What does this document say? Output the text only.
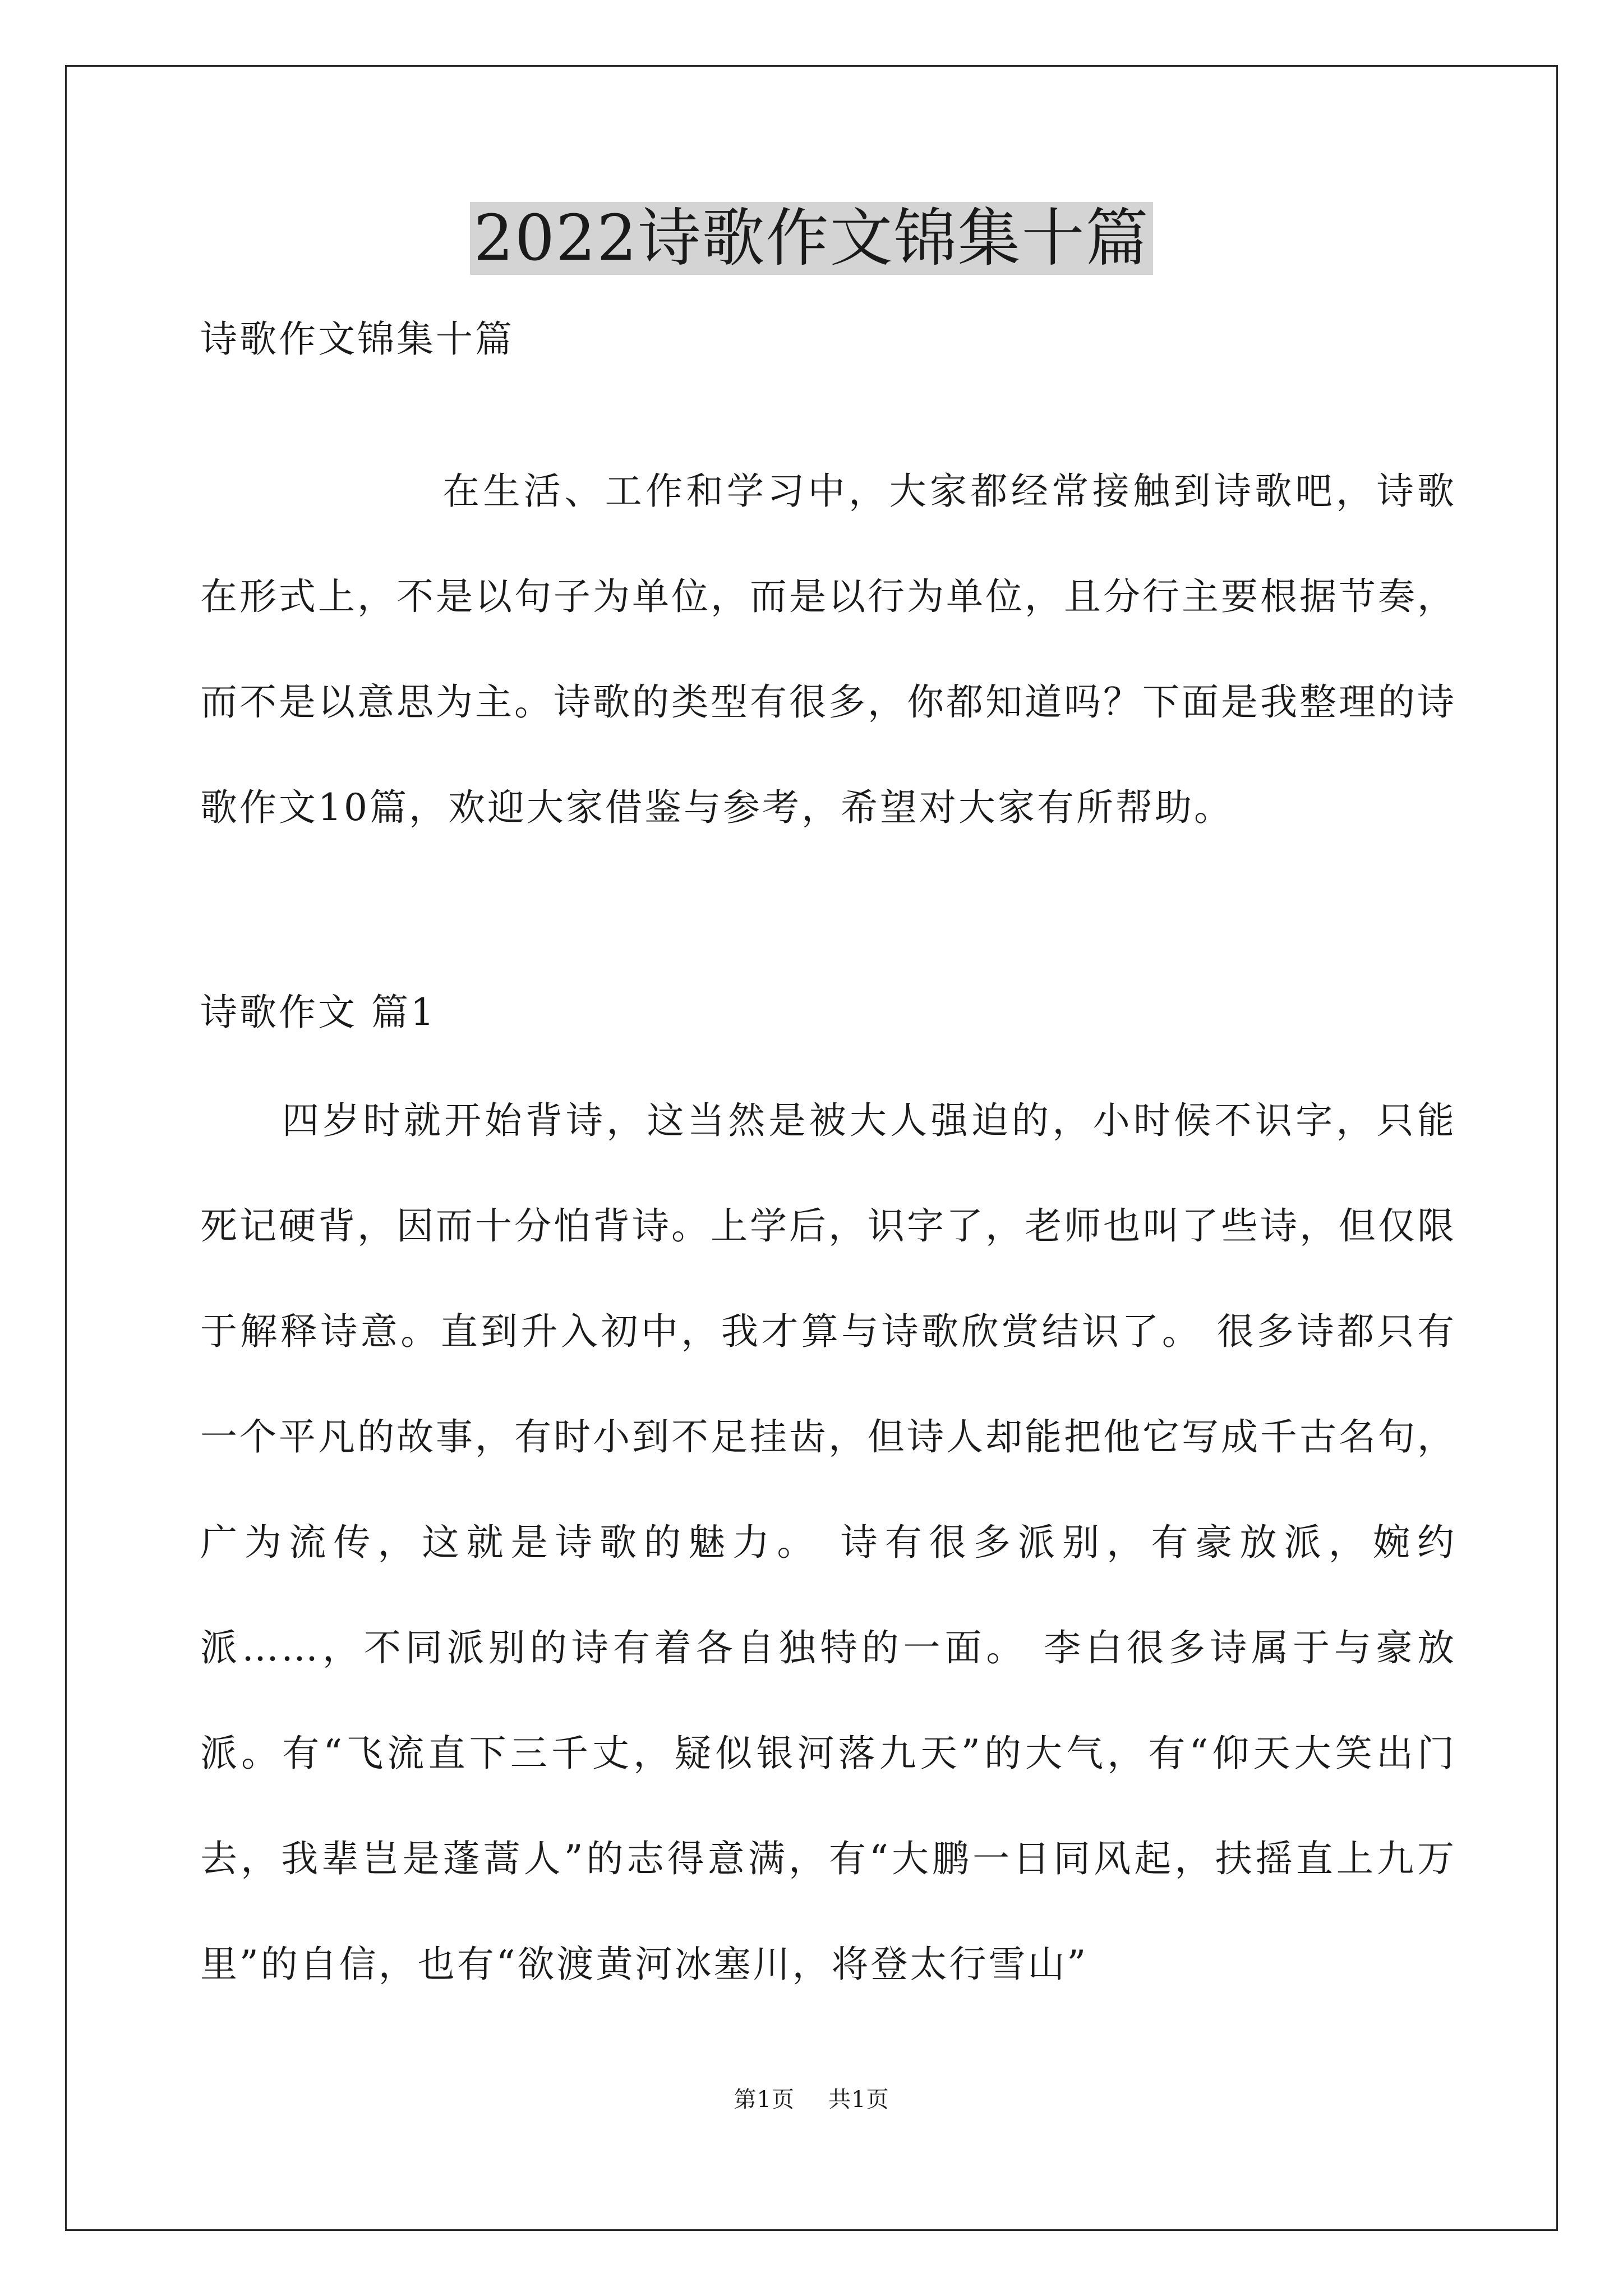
2022诗歌作文锦集十篇
诗歌作文锦集十篇

在生活、工作和学习中，大家都经常接触到诗歌吧，诗歌在形式上，不是以句子为单位，而是以行为单位，且分行主要根据节奏，而不是以意思为主。诗歌的类型有很多，你都知道吗？下面是我整理的诗歌作文10篇，欢迎大家借鉴与参考，希望对大家有所帮助。

诗歌作文 篇1

四岁时就开始背诗，这当然是被大人强迫的，小时候不识字，只能死记硬背，因而十分怕背诗。上学后，识字了，老师也叫了些诗，但仅限于解释诗意。直到升入初中，我才算与诗歌欣赏结识了。 很多诗都只有一个平凡的故事，有时小到不足挂齿，但诗人却能把他它写成千古名句，广为流传，这就是诗歌的魅力。 诗有很多派别，有豪放派，婉约派……，不同派别的诗有着各自独特的一面。 李白很多诗属于与豪放派。有“飞流直下三千丈，疑似银河落九天”的大气，有“仰天大笑出门去，我辈岂是蓬蒿人”的志得意满，有“大鹏一日同风起，扶摇直上九万里”的自信，也有“欲渡黄河冰塞川，将登太行雪山”

第1页 共1页
